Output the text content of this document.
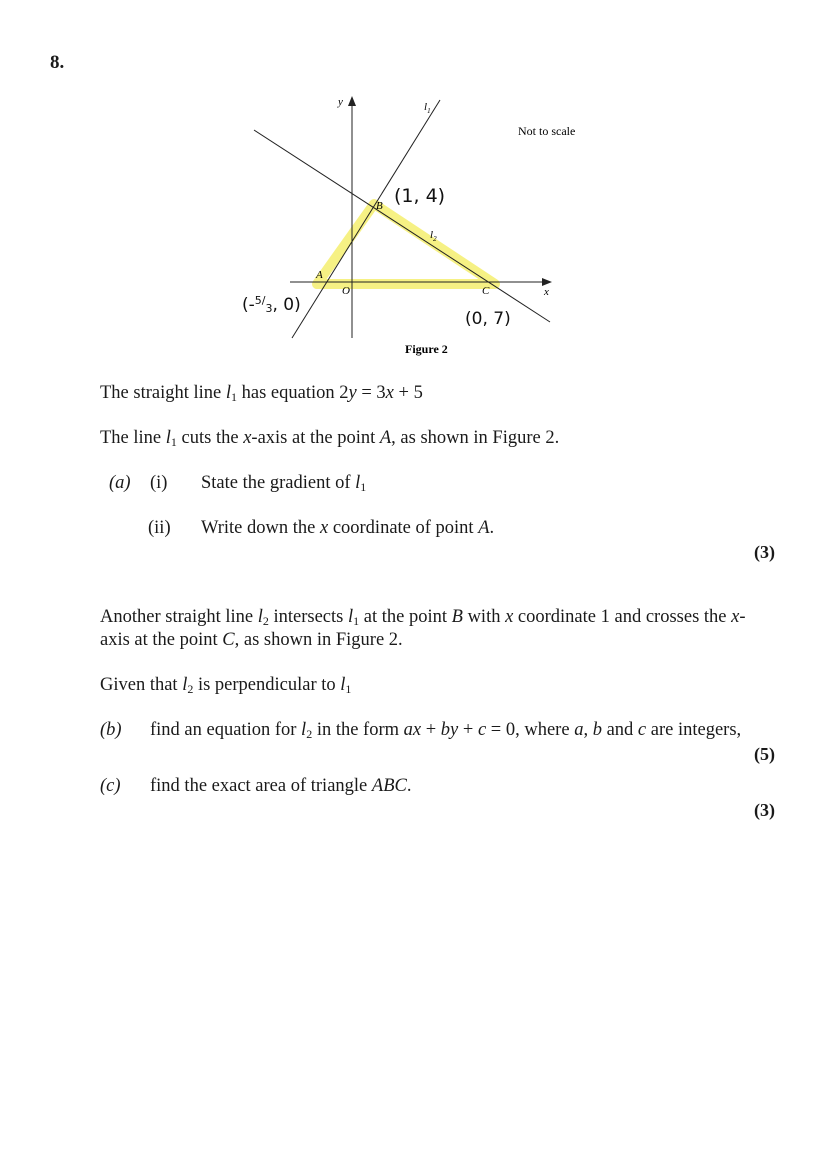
8.
y
x
O
A
B
C
$l_1$
$l_2$
Not to scale
Figure 2
(1, 4)
($-^5/_3$, 0)
(0, 7)
The straight line $l_1$ has equation 2y = 3x + 5
The line $l_1$ cuts the x-axis at the point A, as shown in Figure 2.
(a) (i) State the gradient of $l_1$
(ii) Write down the x coordinate of point A.
(3)
Another straight line $l_2$ intersects $l_1$ at the point B with x coordinate 1 and crosses the x-
axis at the point C, as shown in Figure 2.
Given that $l_2$ is perpendicular to $l_1$
(b) find an equation for $l_2$ in the form ax + by + c = 0, where a, b and c are integers,
(5)
(c) find the exact area of triangle ABC.
(3)
